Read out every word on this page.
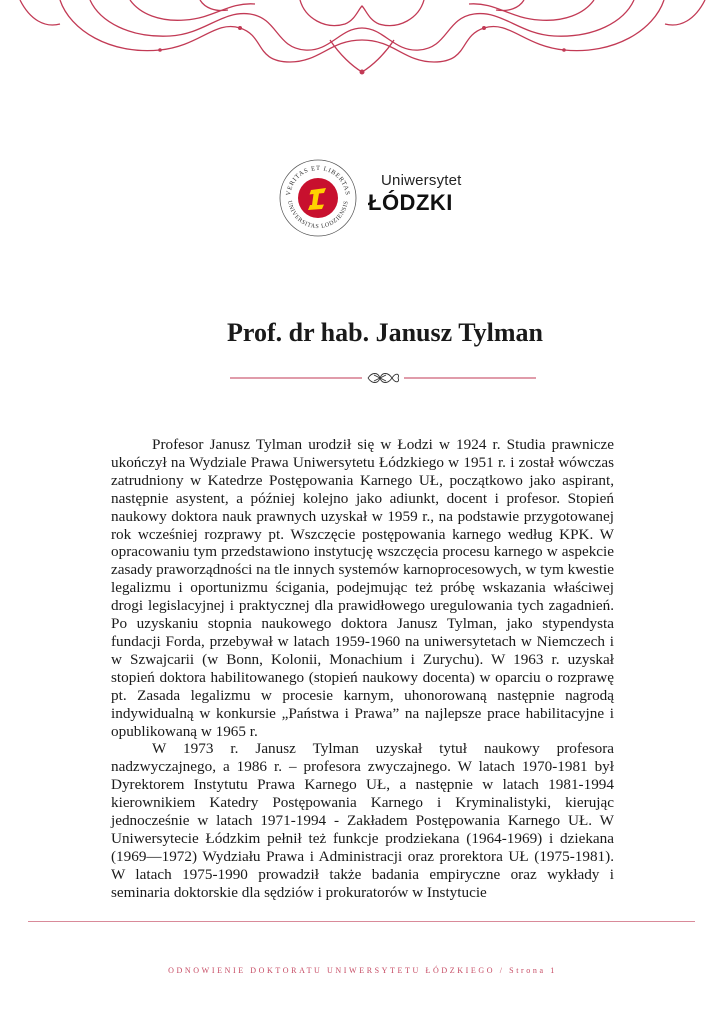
VERITAS ET LIBERTAS
UNIVERSITAS LODZIENSIS
Uniwersytet
ŁÓDZKI
Prof. dr hab. Janusz Tylman

Profesor Janusz Tylman urodził się w Łodzi w 1924 r. Studia prawnicze ukończył na Wydziale Prawa Uniwersytetu Łódzkiego w 1951 r. i został wówczas zatrudniony w Katedrze Postępowania Karnego UŁ, początkowo jako aspirant, następnie asystent, a później kolejno jako adiunkt, docent i profesor. Stopień naukowy doktora nauk prawnych uzyskał w 1959 r., na podstawie przygotowanej rok wcześniej rozprawy pt. Wszczęcie postępowania karnego według KPK. W opracowaniu tym przedstawiono instytucję wszczęcia procesu karnego w aspekcie zasady praworządności na tle innych systemów karnoprocesowych, w tym kwestie legalizmu i oportunizmu ścigania, podejmując też próbę wskazania właściwej drogi legislacyjnej i praktycznej dla prawidłowego uregulowania tych zagadnień. Po uzyskaniu stopnia naukowego doktora Janusz Tylman, jako stypendysta fundacji Forda, przebywał w latach 1959-1960 na uniwersytetach w Niemczech i w Szwajcarii (w Bonn, Kolonii, Monachium i Zurychu). W 1963 r. uzyskał stopień doktora habilitowanego (stopień naukowy docenta) w oparciu o rozprawę pt. Zasada legalizmu w procesie karnym, uhonorowaną następnie nagrodą indywidualną w konkursie „Państwa i Prawa” na najlepsze prace habilitacyjne i opublikowaną w 1965 r.

W 1973 r. Janusz Tylman uzyskał tytuł naukowy profesora nadzwyczajnego, a 1986 r. – profesora zwyczajnego. W latach 1970-1981 był Dyrektorem Instytutu Prawa Karnego UŁ, a następnie w latach 1981-1994 kierownikiem Katedry Postępowania Karnego i Kryminalistyki, kierując jednocześnie w latach 1971-1994 - Zakładem Postępowania Karnego UŁ. W Uniwersytecie Łódzkim pełnił też funkcje prodziekana (1964-1969) i dziekana (1969—1972) Wydziału Prawa i Administracji oraz prorektora UŁ (1975-1981). W latach 1975-1990 prowadził także badania empiryczne oraz wykłady i seminaria doktorskie dla sędziów i prokuratorów w Instytucie

ODNOWIENIE DOKTORATU UNIWERSYTETU ŁÓDZKIEGO / Strona 1
